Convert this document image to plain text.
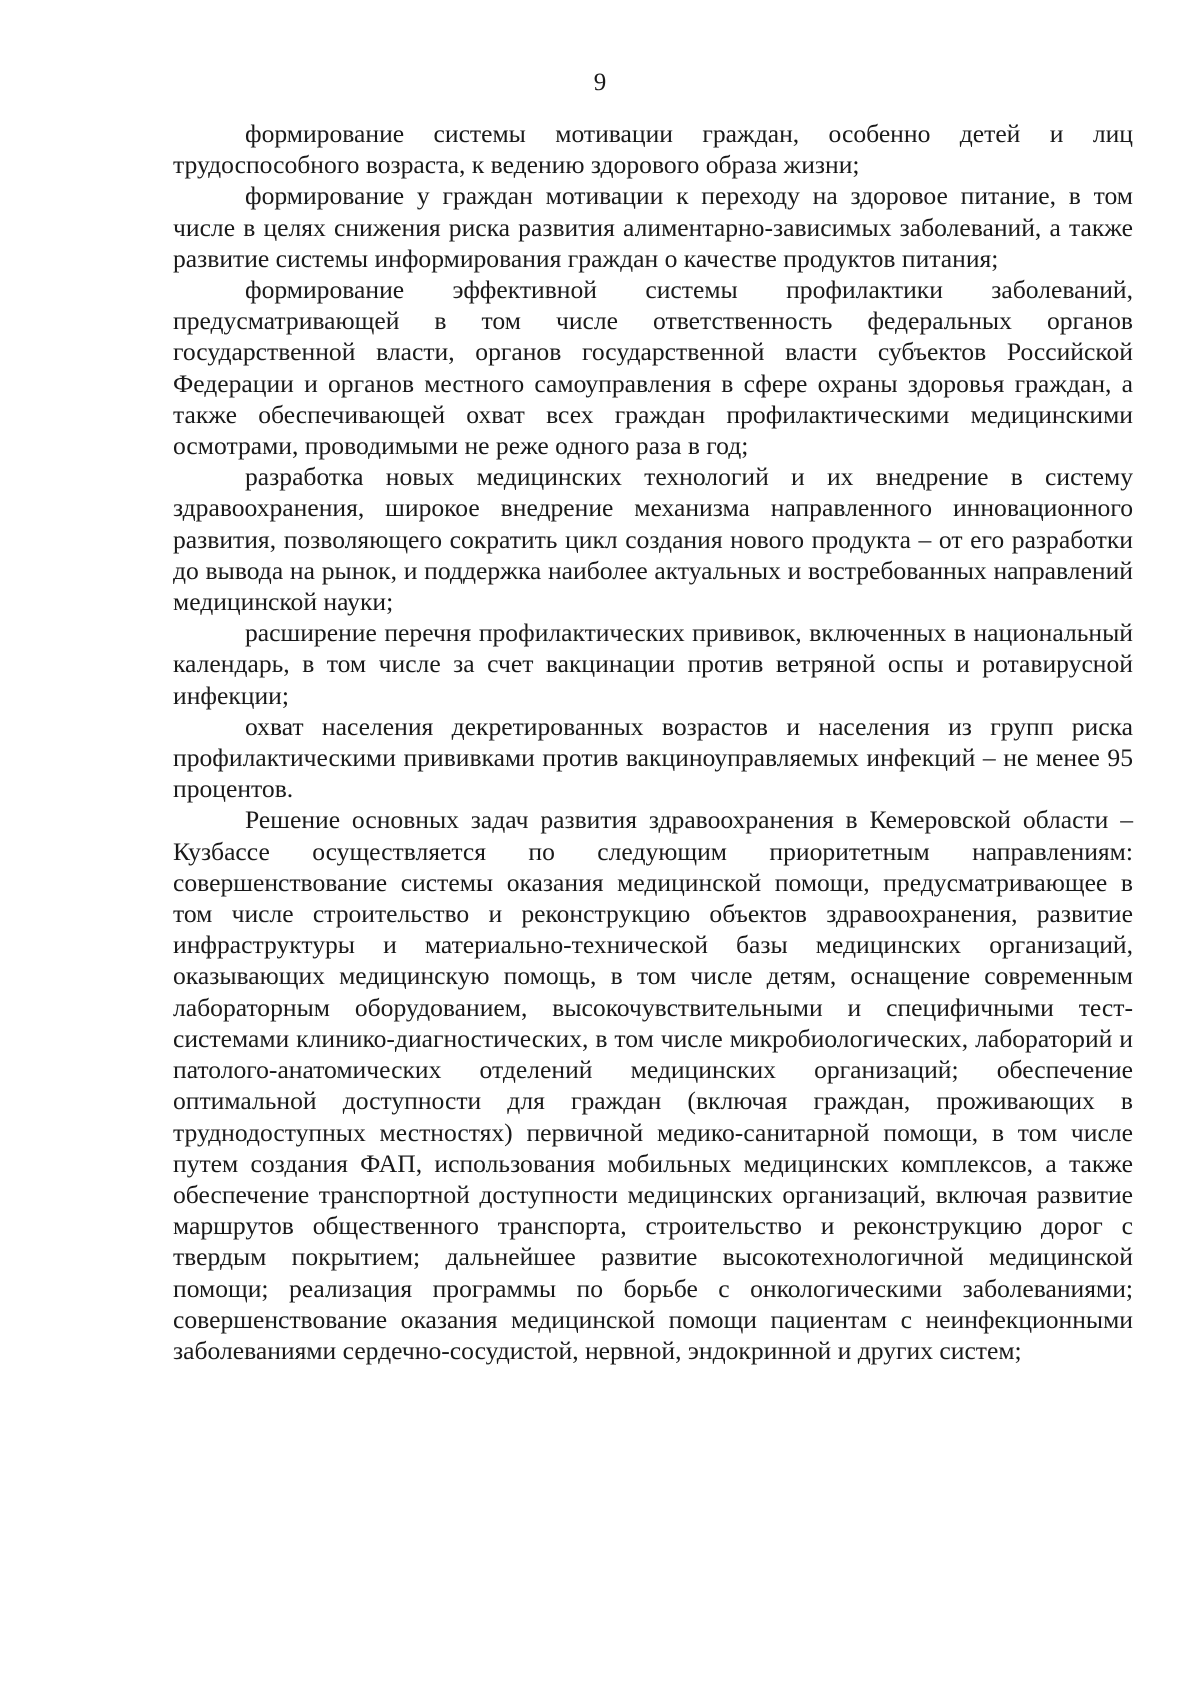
9

формирование системы мотивации граждан, особенно детей и лиц трудоспособного возраста, к ведению здорового образа жизни;

формирование у граждан мотивации к переходу на здоровое питание, в том числе в целях снижения риска развития алиментарно-зависимых заболеваний, а также развитие системы информирования граждан о качестве продуктов питания;

формирование эффективной системы профилактики заболеваний, предусматривающей в том числе ответственность федеральных органов государственной власти, органов государственной власти субъектов Российской Федерации и органов местного самоуправления в сфере охраны здоровья граждан, а также обеспечивающей охват всех граждан профилактическими медицинскими осмотрами, проводимыми не реже одного раза в год;

разработка новых медицинских технологий и их внедрение в систему здравоохранения, широкое внедрение механизма направленного инновационного развития, позволяющего сократить цикл создания нового продукта – от его разработки до вывода на рынок, и поддержка наиболее актуальных и востребованных направлений медицинской науки;

расширение перечня профилактических прививок, включенных в национальный календарь, в том числе за счет вакцинации против ветряной оспы и ротавирусной инфекции;

охват населения декретированных возрастов и населения из групп риска профилактическими прививками против вакциноуправляемых инфекций – не менее 95 процентов.

Решение основных задач развития здравоохранения в Кемеровской области – Кузбассе осуществляется по следующим приоритетным направлениям: совершенствование системы оказания медицинской помощи, предусматривающее в том числе строительство и реконструкцию объектов здравоохранения, развитие инфраструктуры и материально-технической базы медицинских организаций, оказывающих медицинскую помощь, в том числе детям, оснащение современным лабораторным оборудованием, высокочувствительными и специфичными тест-системами клинико-диагностических, в том числе микробиологических, лабораторий и патолого-анатомических отделений медицинских организаций; обеспечение оптимальной доступности для граждан (включая граждан, проживающих в труднодоступных местностях) первичной медико-санитарной помощи, в том числе путем создания ФАП, использования мобильных медицинских комплексов, а также обеспечение транспортной доступности медицинских организаций, включая развитие маршрутов общественного транспорта, строительство и реконструкцию дорог с твердым покрытием; дальнейшее развитие высокотехнологичной медицинской помощи; реализация программы по борьбе с онкологическими заболеваниями; совершенствование оказания медицинской помощи пациентам с неинфекционными заболеваниями сердечно-сосудистой, нервной, эндокринной и других систем;
